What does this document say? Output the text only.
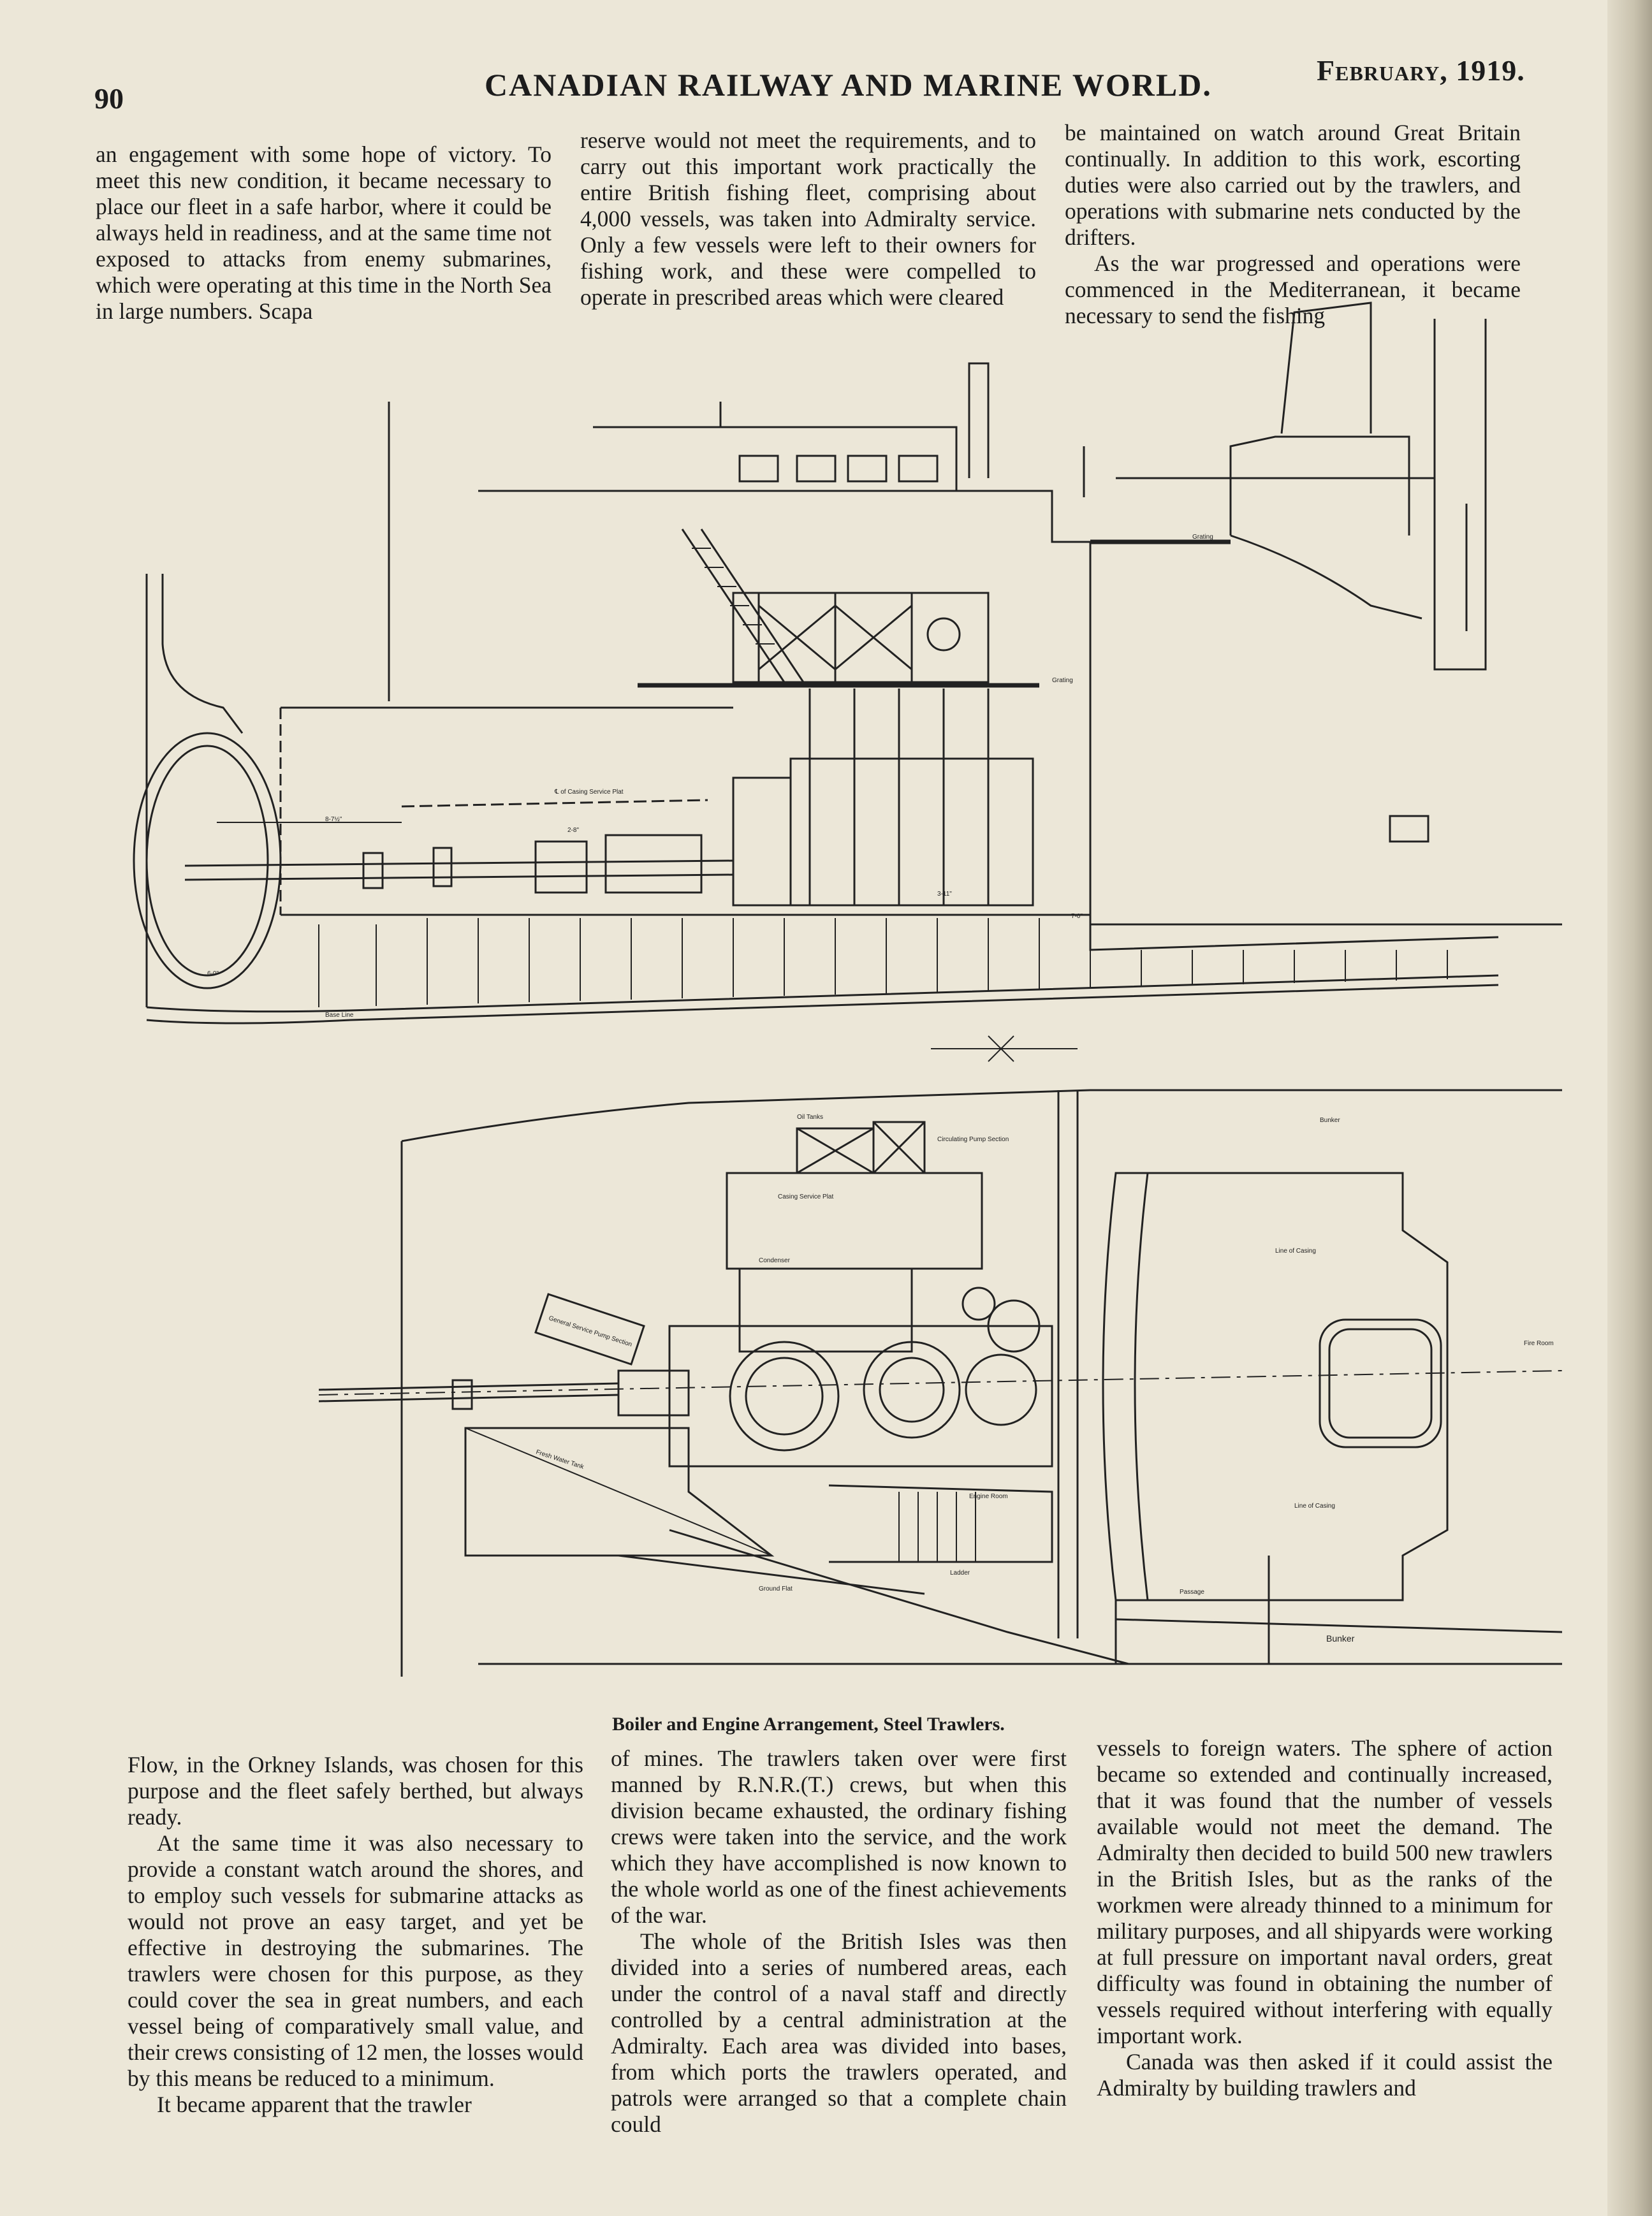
90	CANADIAN RAILWAY AND MARINE WORLD.	February, 1919.

an engagement with some hope of victory. To meet this new condition, it became necessary to place our fleet in a safe harbor, where it could be always held in readiness, and at the same time not exposed to attacks from enemy submarines, which were operating at this time in the North Sea in large numbers. Scapa

reserve would not meet the requirements, and to carry out this important work practically the entire British fishing fleet, comprising about 4,000 vessels, was taken into Admiralty service. Only a few vessels were left to their owners for fishing work, and these were compelled to operate in prescribed areas which were cleared

be maintained on watch around Great Britain continually. In addition to this work, escorting duties were also carried out by the trawlers, and operations with submarine nets conducted by the drifters.

As the war progressed and operations were commenced in the Mediterranean, it became necessary to send the fishing

Grating
Grating
Base Line
℄ of Casing Service Plat
8-7½"
2-8"
3-11"
6-0"
7-0"
Oil Tanks
Circulating Pump Section
Casing Service Plat
Condenser
General Service Pump Section
Fresh Water Tank
Engine Room
Ground Flat
Ladder
Line of Casing
Line of Casing
Fire Room
Bunker
Bunker
Passage
Boiler and Engine Arrangement, Steel Trawlers.

Flow, in the Orkney Islands, was chosen for this purpose and the fleet safely berthed, but always ready.

At the same time it was also necessary to provide a constant watch around the shores, and to employ such vessels for submarine attacks as would not prove an easy target, and yet be effective in destroying the submarines. The trawlers were chosen for this purpose, as they could cover the sea in great numbers, and each vessel being of comparatively small value, and their crews consisting of 12 men, the losses would by this means be reduced to a minimum.

It became apparent that the trawler

of mines. The trawlers taken over were first manned by R.N.R.(T.) crews, but when this division became exhausted, the ordinary fishing crews were taken into the service, and the work which they have accomplished is now known to the whole world as one of the finest achievements of the war.

The whole of the British Isles was then divided into a series of numbered areas, each under the control of a naval staff and directly controlled by a central administration at the Admiralty. Each area was divided into bases, from which ports the trawlers operated, and patrols were arranged so that a complete chain could

vessels to foreign waters. The sphere of action became so extended and continually increased, that it was found that the number of vessels available would not meet the demand. The Admiralty then decided to build 500 new trawlers in the British Isles, but as the ranks of the workmen were already thinned to a minimum for military purposes, and all shipyards were working at full pressure on important naval orders, great difficulty was found in obtaining the number of vessels required without interfering with equally important work.

Canada was then asked if it could assist the Admiralty by building trawlers and
